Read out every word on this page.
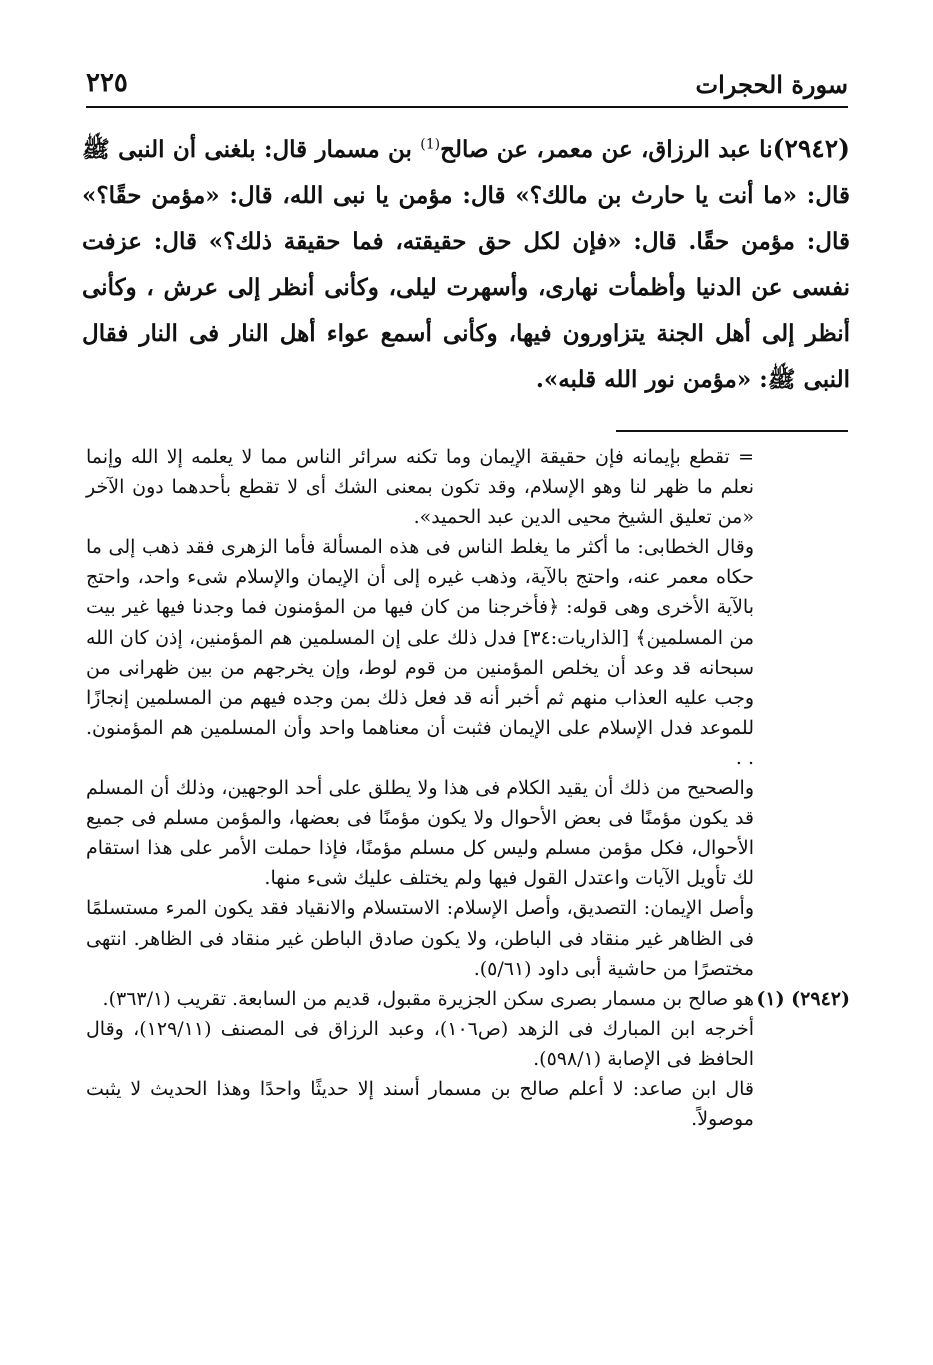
سورة الحجرات
٢٢٥
(٢٩٤٢)نا عبد الرزاق، عن معمر، عن صالح$^{(1)}$ بن مسمار قال: بلغنى أن النبى ﷺ قال: «ما أنت يا حارث بن مالك؟» قال: مؤمن يا نبى الله، قال: «مؤمن حقًا؟» قال: مؤمن حقًا. قال: «فإن لكل حق حقيقته، فما حقيقة ذلك؟» قال: عزفت نفسى عن الدنيا وأظمأت نهارى، وأسهرت ليلى، وكأنى أنظر إلى عرش ، وكأنى أنظر إلى أهل الجنة يتزاورون فيها، وكأنى أسمع عواء أهل النار فى النار فقال النبى ﷺ: «مؤمن نور الله قلبه».

= تقطع بإيمانه فإن حقيقة الإيمان وما تكنه سرائر الناس مما لا يعلمه إلا الله وإنما نعلم ما ظهر لنا وهو الإسلام، وقد تكون بمعنى الشك أى لا تقطع بأحدهما دون الآخر «من تعليق الشيخ محيى الدين عبد الحميد».

وقال الخطابى: ما أكثر ما يغلط الناس فى هذه المسألة فأما الزهرى فقد ذهب إلى ما حكاه معمر عنه، واحتج بالآية، وذهب غيره إلى أن الإيمان والإسلام شىء واحد، واحتج بالآية الأخرى وهى قوله: ﴿فأخرجنا من كان فيها من المؤمنون فما وجدنا فيها غير بيت من المسلمين﴾ [الذاريات:٣٤] فدل ذلك على إن المسلمين هم المؤمنين، إذن كان الله سبحانه قد وعد أن يخلص المؤمنين من قوم لوط، وإن يخرجهم من بين ظهرانى من وجب عليه العذاب منهم ثم أخبر أنه قد فعل ذلك بمن وجده فيهم من المسلمين إنجازًا للموعد فدل الإسلام على الإيمان فثبت أن معناهما واحد وأن المسلمين هم المؤمنون. . .

والصحيح من ذلك أن يقيد الكلام فى هذا ولا يطلق على أحد الوجهين، وذلك أن المسلم قد يكون مؤمنًا فى بعض الأحوال ولا يكون مؤمنًا فى بعضها، والمؤمن مسلم فى جميع الأحوال، فكل مؤمن مسلم وليس كل مسلم مؤمنًا، فإذا حملت الأمر على هذا استقام لك تأويل الآيات واعتدل القول فيها ولم يختلف عليك شىء منها.

وأصل الإيمان: التصديق، وأصل الإسلام: الاستسلام والانقياد فقد يكون المرء مستسلمًا فى الظاهر غير منقاد فى الباطن، ولا يكون صادق الباطن غير منقاد فى الظاهر. انتهى مختصرًا من حاشية أبى داود (٥/٦١).

(٢٩٤٢) (١)
هو صالح بن مسمار بصرى سكن الجزيرة مقبول، قديم من السابعة. تقريب (٣٦٣/١).

أخرجه ابن المبارك فى الزهد (ص١٠٦)، وعبد الرزاق فى المصنف (١٢٩/١١)، وقال الحافظ فى الإصابة (٥٩٨/١).

قال ابن صاعد: لا أعلم صالح بن مسمار أسند إلا حديثًا واحدًا وهذا الحديث لا يثبت موصولاً.
